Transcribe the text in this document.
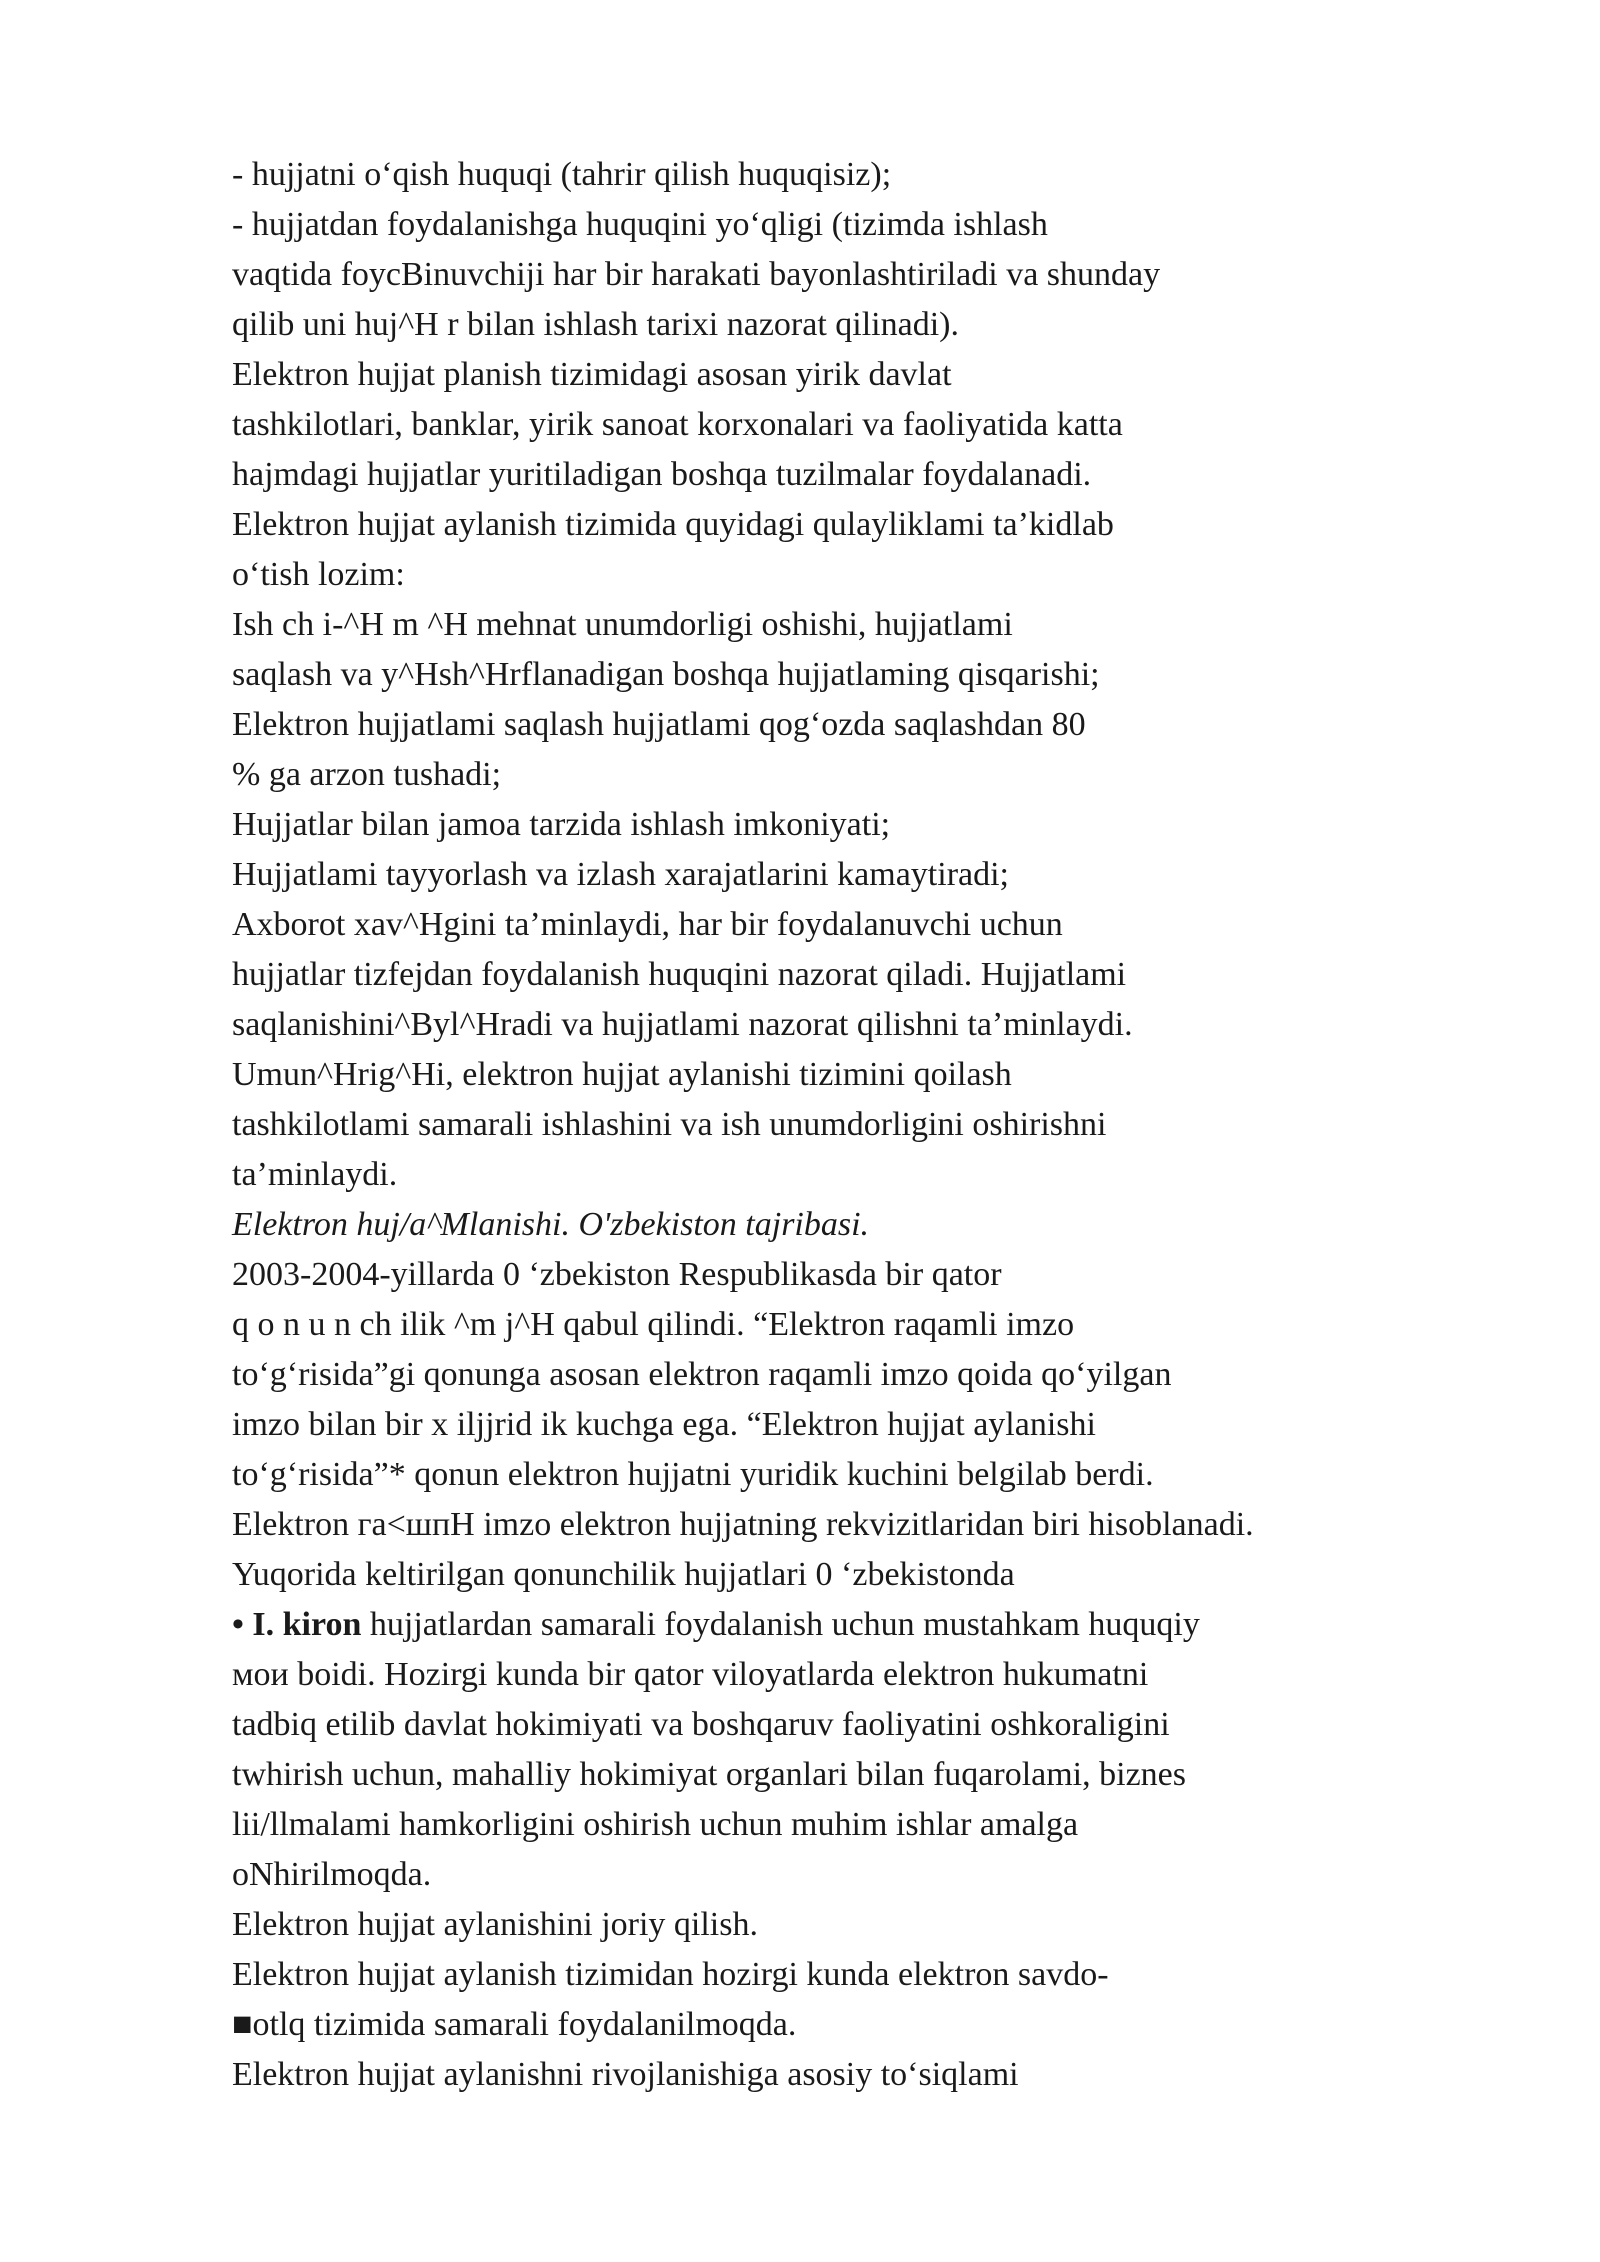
- hujjatni o‘qish huquqi (tahrir qilish huquqisiz);
- hujjatdan foydalanishga huquqini yo‘qligi (tizimda ishlash
vaqtida foycBinuvchiji har bir harakati bayonlashtiriladi va shunday
qilib uni huj^H r bilan ishlash tarixi nazorat qilinadi).
Elektron hujjat planish tizimidagi asosan yirik davlat
tashkilotlari, banklar, yirik sanoat korxonalari va faoliyatida katta
hajmdagi hujjatlar yuritiladigan boshqa tuzilmalar foydalanadi.
Elektron hujjat aylanish tizimida quyidagi qulayliklami ta’kidlab
o‘tish lozim:
Ish ch i-^H m ^H mehnat unumdorligi oshishi, hujjatlami
saqlash va y^Hsh^Hrflanadigan boshqa hujjatlaming qisqarishi;
Elektron hujjatlami saqlash hujjatlami qog‘ozda saqlashdan 80
% ga arzon tushadi;
Hujjatlar bilan jamoa tarzida ishlash imkoniyati;
Hujjatlami tayyorlash va izlash xarajatlarini kamaytiradi;
Axborot xav^Hgini ta’minlaydi, har bir foydalanuvchi uchun
hujjatlar tizfejdan foydalanish huquqini nazorat qiladi. Hujjatlami
saqlanishini^Byl^Hradi va hujjatlami nazorat qilishni ta’minlaydi.
Umun^Hrig^Hi, elektron hujjat aylanishi tizimini qoilash
tashkilotlami samarali ishlashini va ish unumdorligini oshirishni
ta’minlaydi.
Elektron huj/a^Mlanishi. O'zbekiston tajribasi.
2003-2004-yillarda 0 ‘zbekiston Respublikasda bir qator
q o n u n ch ilik ^m j^H qabul qilindi. “Elektron raqamli imzo
to‘g‘risida”gi qonunga asosan elektron raqamli imzo qoida qo‘yilgan
imzo bilan bir x iljjrid ik kuchga ega. “Elektron hujjat aylanishi
to‘g‘risida”* qonun elektron hujjatni yuridik kuchini belgilab berdi.
Elektron гa<шпH imzo elektron hujjatning rekvizitlaridan biri hisoblanadi.
Yuqorida keltirilgan qonunchilik hujjatlari 0 ‘zbekistonda
• I. kiron hujjatlardan samarali foydalanish uchun mustahkam huquqiy
мои boidi. Hozirgi kunda bir qator viloyatlarda elektron hukumatni
tadbiq etilib davlat hokimiyati va boshqaruv faoliyatini oshkoraligini
twhirish uchun, mahalliy hokimiyat organlari bilan fuqarolami, biznes
lii/llmalami hamkorligini oshirish uchun muhim ishlar amalga
oNhirilmoqda.
Elektron hujjat aylanishini joriy qilish.
Elektron hujjat aylanish tizimidan hozirgi kunda elektron savdo-
■otlq tizimida samarali foydalanilmoqda.
Elektron hujjat aylanishni rivojlanishiga asosiy to‘siqlami
